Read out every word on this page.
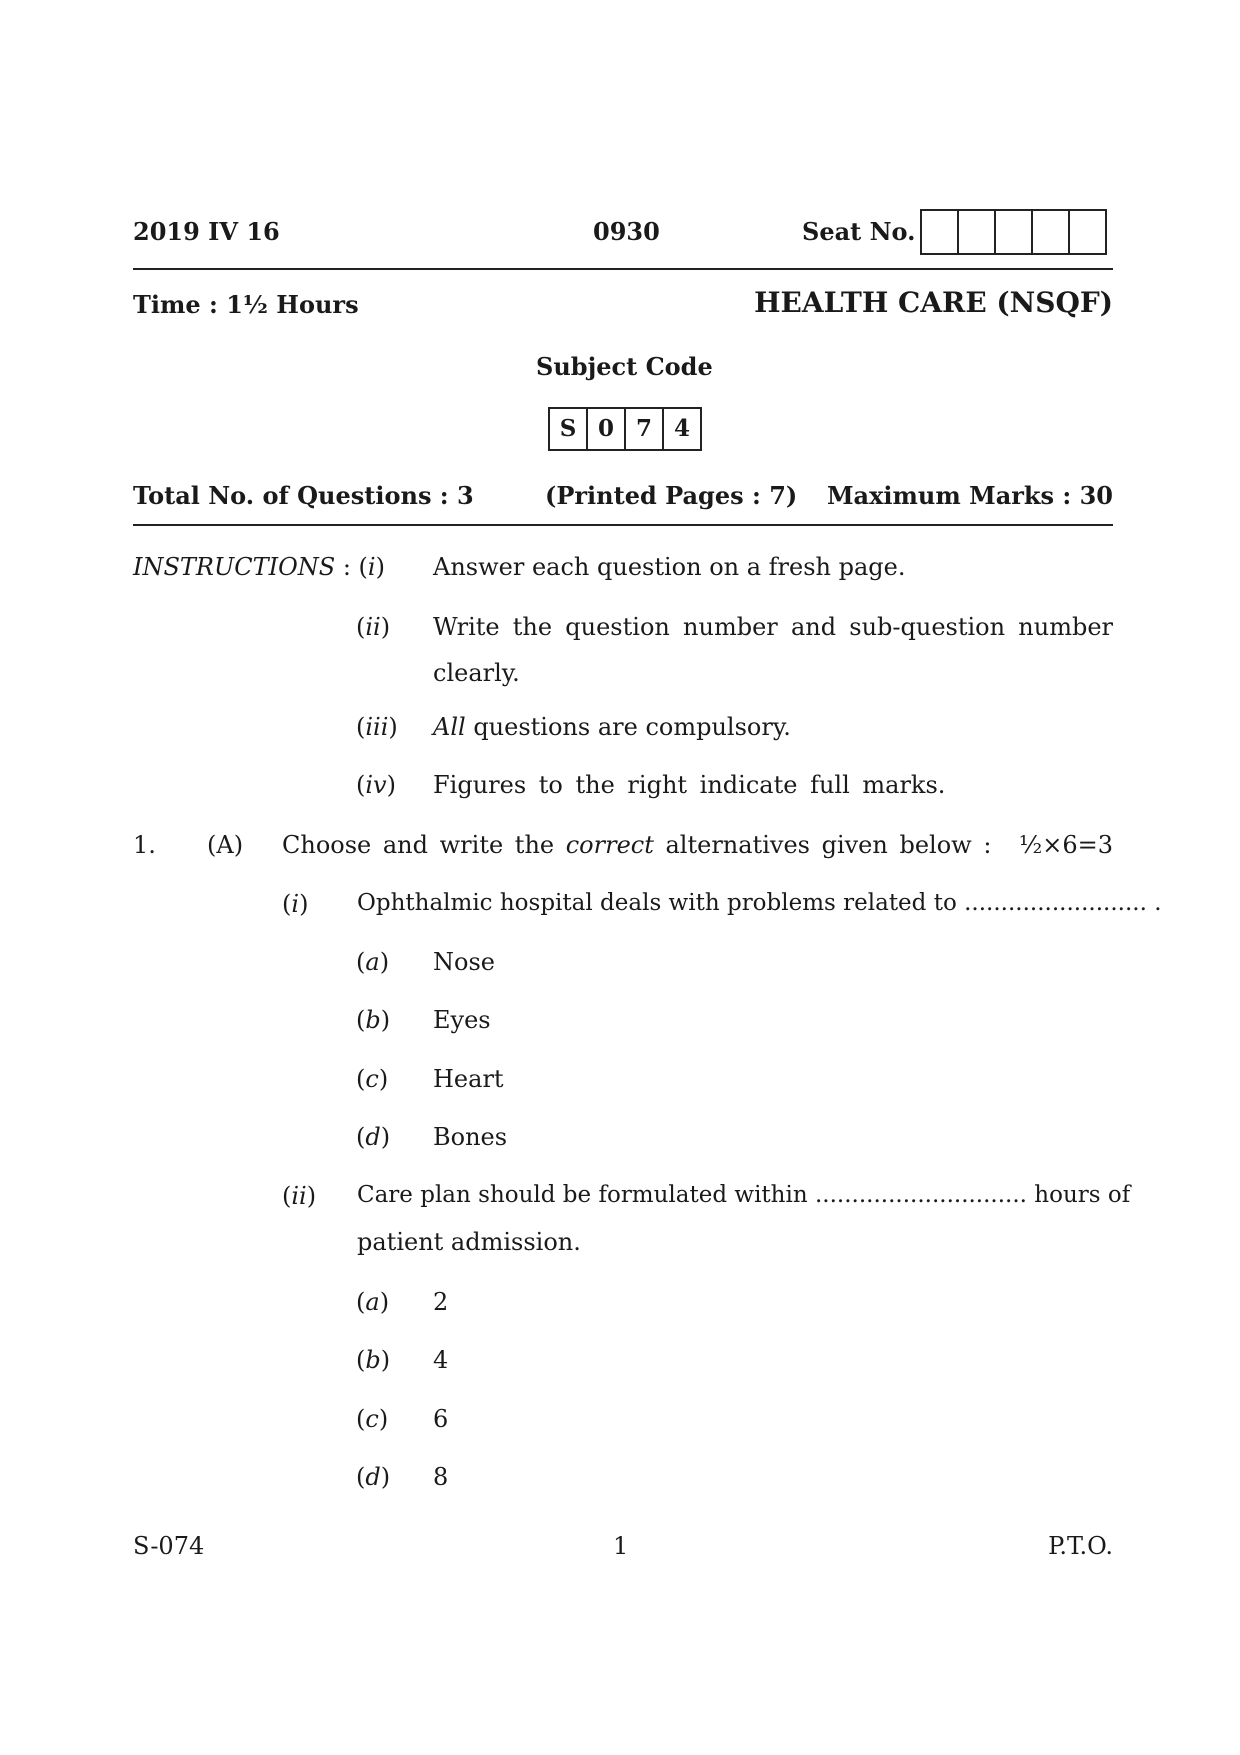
2019 IV 16	0930	Seat No.
Time : 1½ Hours	HEALTH CARE (NSQF)
Subject Code
S 0 7 4
Total No. of Questions : 3	(Printed Pages : 7) Maximum Marks : 30
INSTRUCTIONS : (i) Answer each question on a fresh page.
(ii) Write the question number and sub-question number
clearly.
(iii) All questions are compulsory.
(iv) Figures to the right indicate full marks.
1. (A) Choose and write the correct alternatives given below : ½×6=3
(i) Ophthalmic hospital deals with problems related to ......................... .
(a) Nose
(b) Eyes
(c) Heart
(d) Bones
(ii) Care plan should be formulated within ............................. hours of
patient admission.
(a) 2
(b) 4
(c) 6
(d) 8
S-074	1	P.T.O.
